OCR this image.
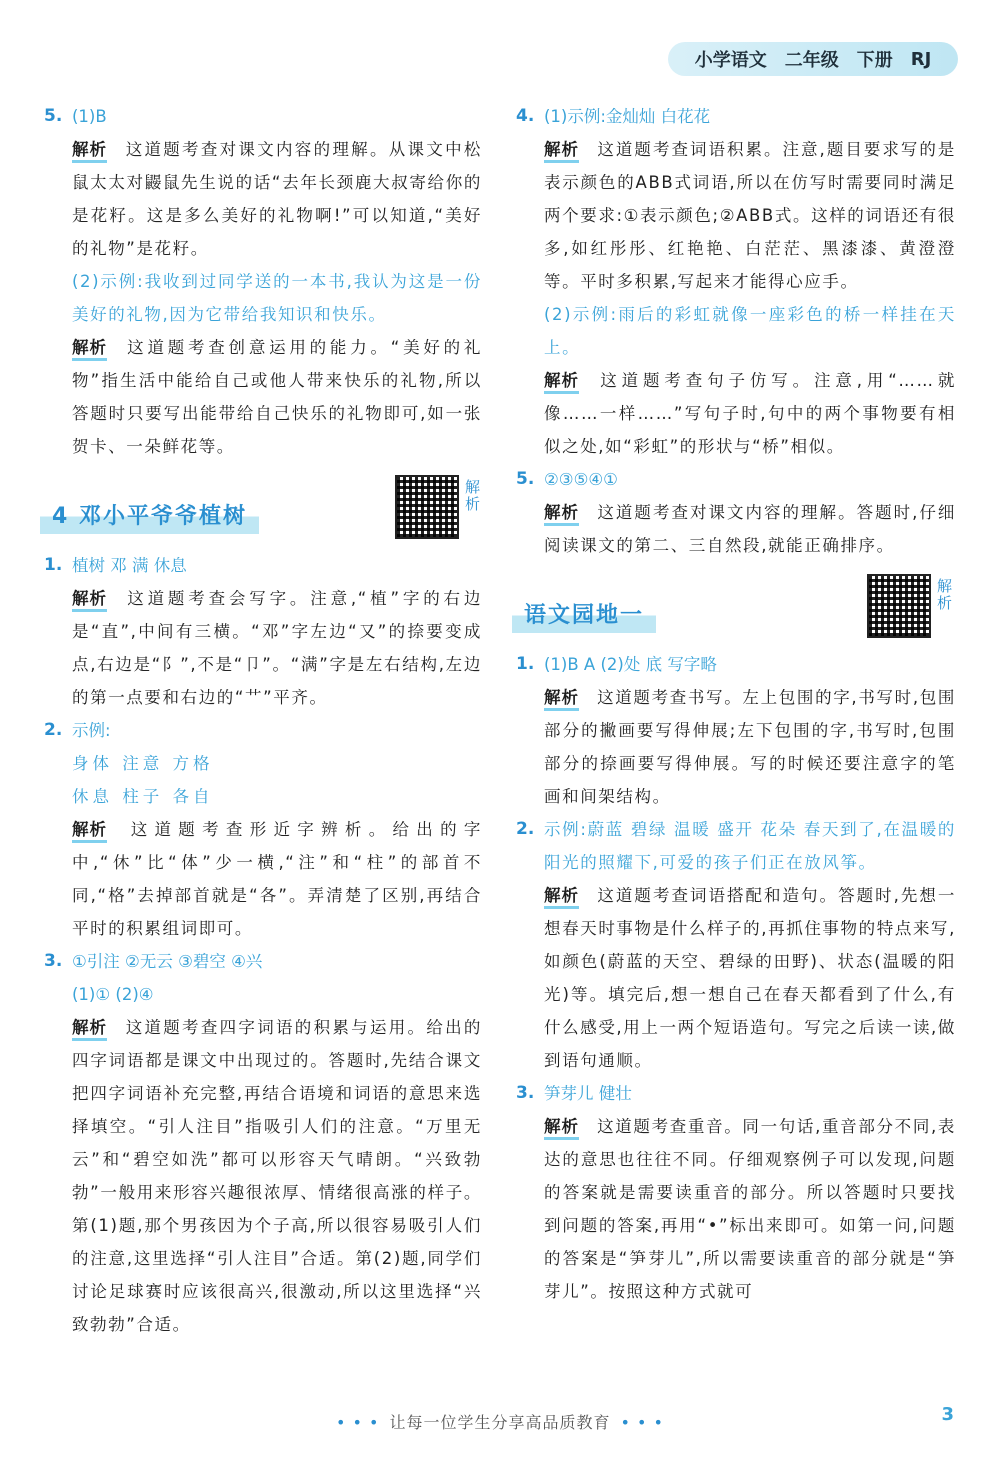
小学语文 二年级 下册 RJ
5. (1)B
解析 这道题考查对课文内容的理解。从课文中松鼠太太对鼹鼠先生说的话“去年长颈鹿大叔寄给你的是花籽。这是多么美好的礼物啊!”可以知道,“美好的礼物”是花籽。
(2)示例:我收到过同学送的一本书,我认为这是一份美好的礼物,因为它带给我知识和快乐。
解析 这道题考查创意运用的能力。“美好的礼物”指生活中能给自己或他人带来快乐的礼物,所以答题时只要写出能带给自己快乐的礼物即可,如一张贺卡、一朵鲜花等。
4 邓小平爷爷植树
解析
1. 植树 邓 满 休息
解析 这道题考查会写字。注意,“植”字的右边是“直”,中间有三横。“邓”字左边“又”的捺要变成点,右边是“阝”,不是“卩”。“满”字是左右结构,左边的第一点要和右边的“艹”平齐。
2. 示例:
身体 注意 方格
休息 柱子 各自
解析 这道题考查形近字辨析。给出的字中,“休”比“体”少一横,“注”和“柱”的部首不同,“格”去掉部首就是“各”。弄清楚了区别,再结合平时的积累组词即可。
3. ①引注 ②无云 ③碧空 ④兴
(1)① (2)④
解析 这道题考查四字词语的积累与运用。给出的四字词语都是课文中出现过的。答题时,先结合课文把四字词语补充完整,再结合语境和词语的意思来选择填空。“引人注目”指吸引人们的注意。“万里无云”和“碧空如洗”都可以形容天气晴朗。“兴致勃勃”一般用来形容兴趣很浓厚、情绪很高涨的样子。第(1)题,那个男孩因为个子高,所以很容易吸引人们的注意,这里选择“引人注目”合适。第(2)题,同学们讨论足球赛时应该很高兴,很激动,所以这里选择“兴致勃勃”合适。
4. (1)示例:金灿灿 白花花
解析 这道题考查词语积累。注意,题目要求写的是表示颜色的ABB式词语,所以在仿写时需要同时满足两个要求:①表示颜色;②ABB式。这样的词语还有很多,如红彤彤、红艳艳、白茫茫、黑漆漆、黄澄澄等。平时多积累,写起来才能得心应手。
(2)示例:雨后的彩虹就像一座彩色的桥一样挂在天上。
解析 这道题考查句子仿写。注意,用“……就像……一样……”写句子时,句中的两个事物要有相似之处,如“彩虹”的形状与“桥”相似。
5. ②③⑤④①
解析 这道题考查对课文内容的理解。答题时,仔细阅读课文的第二、三自然段,就能正确排序。
语文园地一
解析
1. (1)B A (2)处 底 写字略
解析 这道题考查书写。左上包围的字,书写时,包围部分的撇画要写得伸展;左下包围的字,书写时,包围部分的捺画要写得伸展。写的时候还要注意字的笔画和间架结构。
2. 示例:蔚蓝 碧绿 温暖 盛开 花朵 春天到了,在温暖的阳光的照耀下,可爱的孩子们正在放风筝。
解析 这道题考查词语搭配和造句。答题时,先想一想春天时事物是什么样子的,再抓住事物的特点来写,如颜色(蔚蓝的天空、碧绿的田野)、状态(温暖的阳光)等。填完后,想一想自己在春天都看到了什么,有什么感受,用上一两个短语造句。写完之后读一读,做到语句通顺。
3. 笋芽儿 健壮
解析 这道题考查重音。同一句话,重音部分不同,表达的意思也往往不同。仔细观察例子可以发现,问题的答案就是需要读重音的部分。所以答题时只要找到问题的答案,再用“•”标出来即可。如第一问,问题的答案是“笋芽儿”,所以需要读重音的部分就是“笋芽儿”。按照这种方式就可
• • • 让每一位学生分享高品质教育 • • •	3
